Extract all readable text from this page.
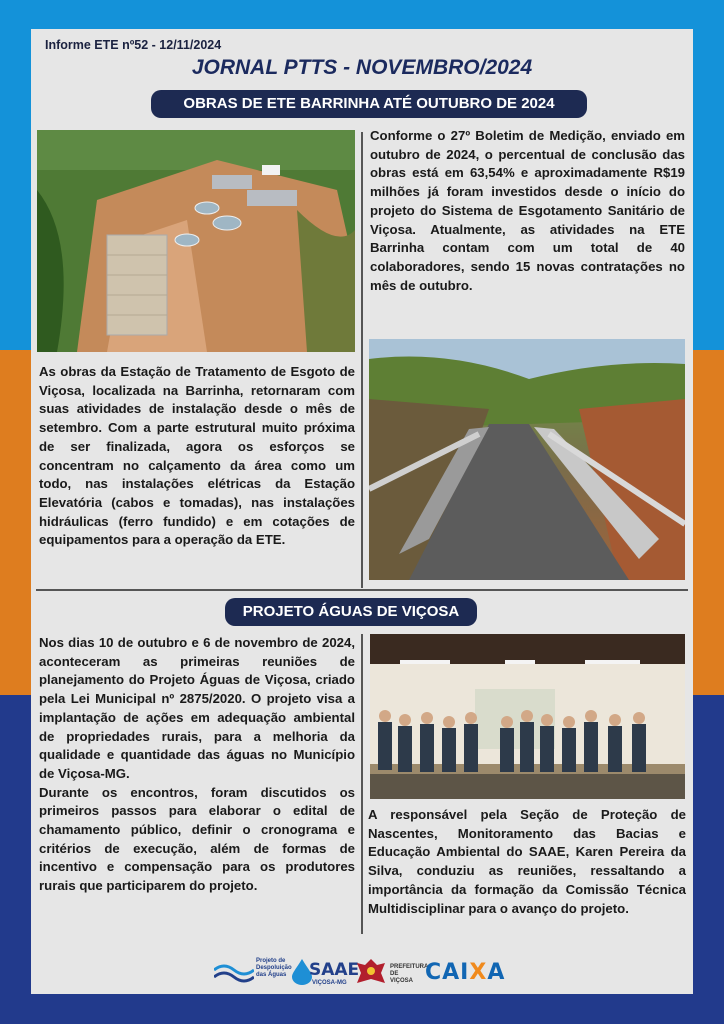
Informe ETE nº52 - 12/11/2024
JORNAL PTTS - NOVEMBRO/2024
OBRAS DE ETE BARRINHA ATÉ OUTUBRO DE 2024
Conforme o 27º Boletim de Medição, enviado em outubro de 2024, o percentual de conclusão das obras está em 63,54% e aproximadamente R$19 milhões já foram investidos desde o início do projeto do Sistema de Esgotamento Sanitário de Viçosa. Atualmente, as atividades na ETE Barrinha contam com um total de 40 colaboradores, sendo 15 novas contratações no mês de outubro.
As obras da Estação de Tratamento de Esgoto de Viçosa, localizada na Barrinha, retornaram com suas atividades de instalação desde o mês de setembro. Com a parte estrutural muito próxima de ser finalizada, agora os esforços se concentram no calçamento da área como um todo, nas instalações elétricas da Estação Elevatória (cabos e tomadas), nas instalações hidráulicas (ferro fundido) e em cotações de equipamentos para a operação da ETE.
PROJETO ÁGUAS DE VIÇOSA
Nos dias 10 de outubro e 6 de novembro de 2024, aconteceram as primeiras reuniões de planejamento do Projeto Águas de Viçosa, criado pela Lei Municipal nº 2875/2020. O projeto visa a implantação de ações em adequação ambiental de propriedades rurais, para a melhoria da qualidade e quantidade das águas no Município de Viçosa-MG.
Durante os encontros, foram discutidos os primeiros passos para elaborar o edital de chamamento público, definir o cronograma e critérios de execução, além de formas de incentivo e compensação para os produtores rurais que participarem do projeto.
A responsável pela Seção de Proteção de Nascentes, Monitoramento das Bacias e Educação Ambiental do SAAE, Karen Pereira da Silva, conduziu as reuniões, ressaltando a importância da formação da Comissão Técnica Multidisciplinar para o avanço do projeto.
Projeto de Despoluição das Águas SAAE
VIÇOSA-MG
PREFEITURA DE VIÇOSA CAIXA
